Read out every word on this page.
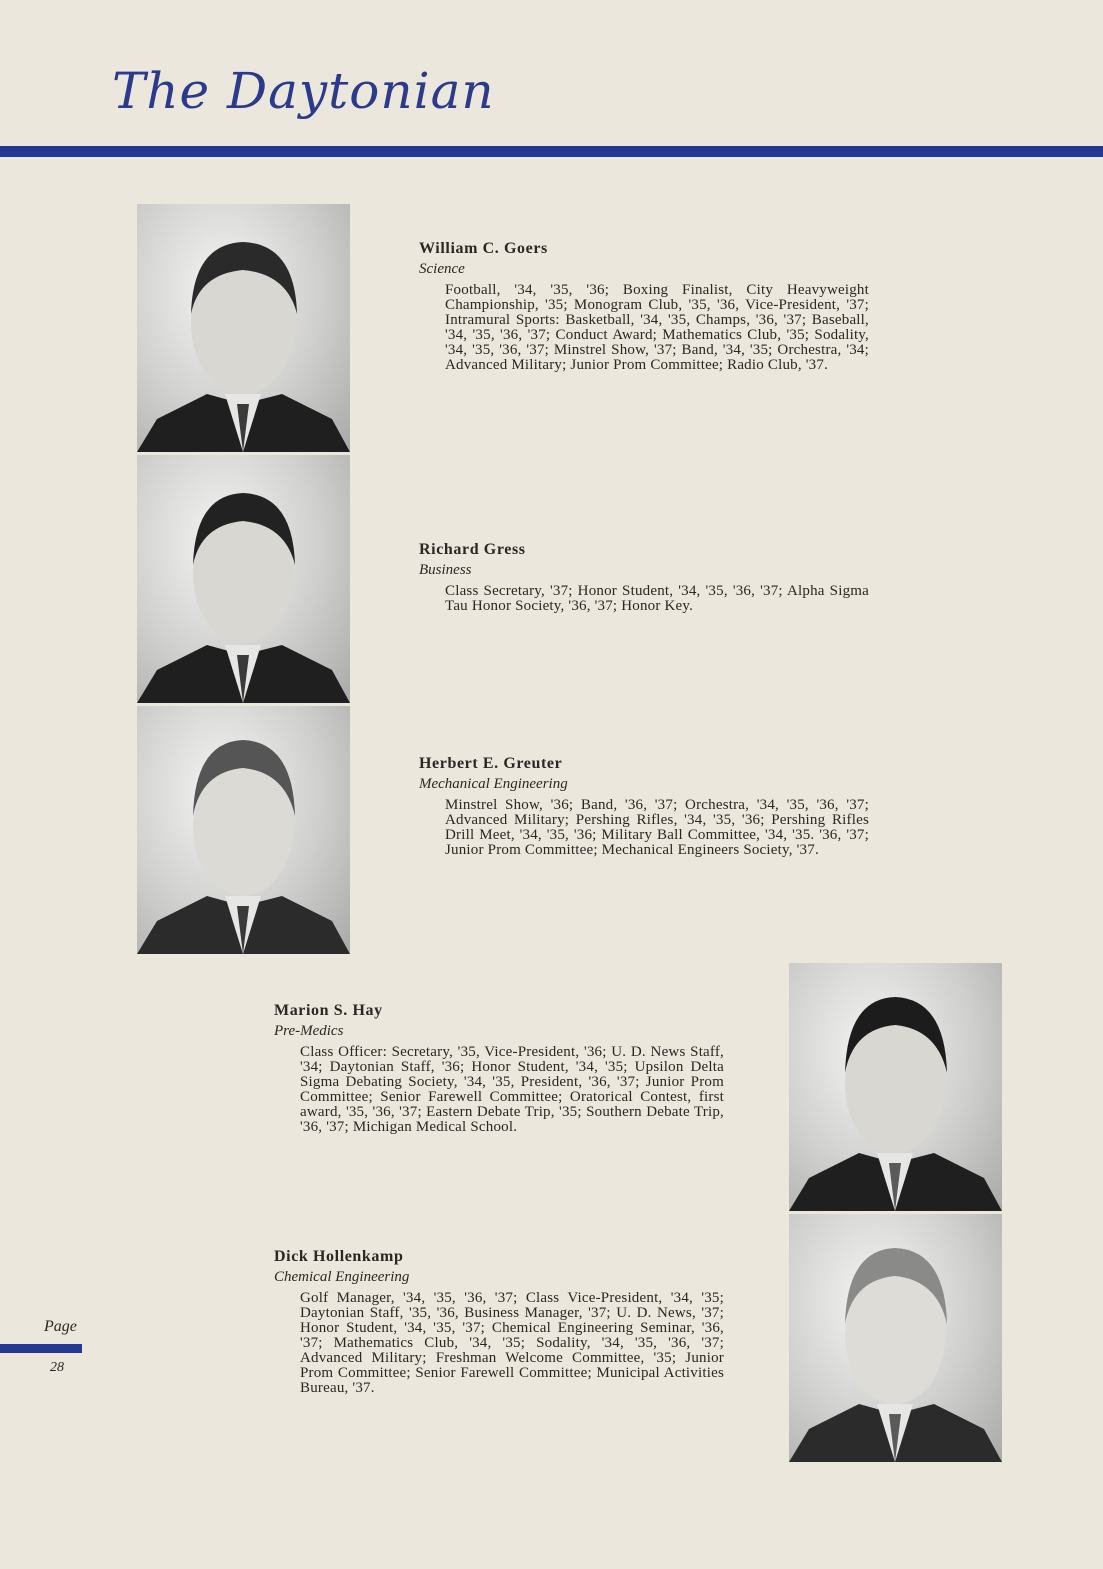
The Daytonian
William C. Goers
Science
Football, '34, '35, '36; Boxing Finalist, City Heavyweight Championship, '35; Monogram Club, '35, '36, Vice-President, '37; Intramural Sports: Basketball, '34, '35, Champs, '36, '37; Baseball, '34, '35, '36, '37; Conduct Award; Mathematics Club, '35; Sodality, '34, '35, '36, '37; Minstrel Show, '37; Band, '34, '35; Orchestra, '34; Advanced Military; Junior Prom Committee; Radio Club, '37.
Richard Gress
Business
Class Secretary, '37; Honor Student, '34, '35, '36, '37; Alpha Sigma Tau Honor Society, '36, '37; Honor Key.
Herbert E. Greuter
Mechanical Engineering
Minstrel Show, '36; Band, '36, '37; Orchestra, '34, '35, '36, '37; Advanced Military; Pershing Rifles, '34, '35, '36; Pershing Rifles Drill Meet, '34, '35, '36; Military Ball Committee, '34, '35. '36, '37; Junior Prom Committee; Mechanical Engineers Society, '37.
Marion S. Hay
Pre-Medics
Class Officer: Secretary, '35, Vice-President, '36; U. D. News Staff, '34; Daytonian Staff, '36; Honor Student, '34, '35; Upsilon Delta Sigma Debating Society, '34, '35, President, '36, '37; Junior Prom Committee; Senior Farewell Committee; Oratorical Contest, first award, '35, '36, '37; Eastern Debate Trip, '35; Southern Debate Trip, '36, '37; Michigan Medical School.
Dick Hollenkamp
Chemical Engineering
Golf Manager, '34, '35, '36, '37; Class Vice-President, '34, '35; Daytonian Staff, '35, '36, Business Manager, '37; U. D. News, '37; Honor Student, '34, '35, '37; Chemical Engineering Seminar, '36, '37; Mathematics Club, '34, '35; Sodality, '34, '35, '36, '37; Advanced Military; Freshman Welcome Committee, '35; Junior Prom Committee; Senior Farewell Committee; Municipal Activities Bureau, '37.
Page
28
